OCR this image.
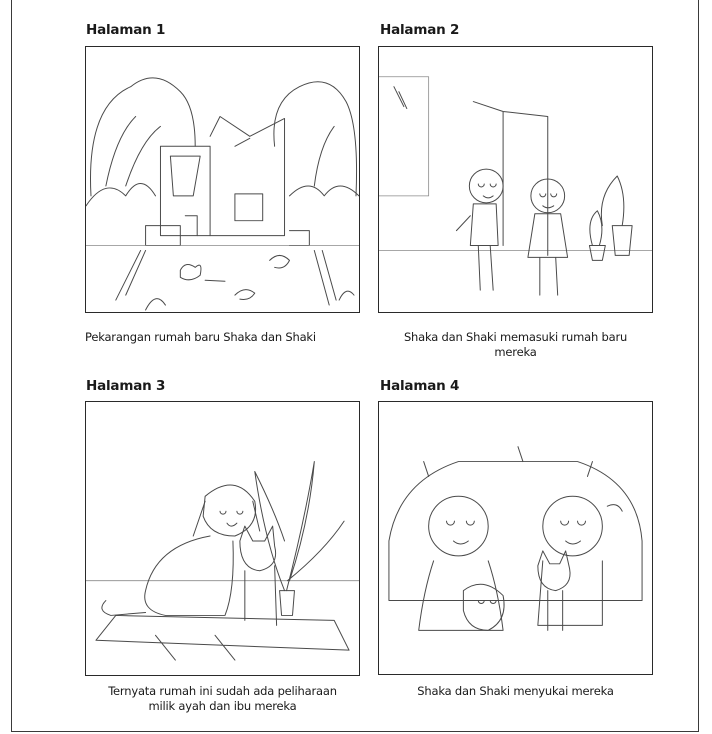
Halaman 1
Pekarangan rumah baru Shaka dan Shaki
Halaman 2
Shaka dan Shaki memasuki rumah baru
mereka
Halaman 3
Ternyata rumah ini sudah ada peliharaan
milik ayah dan ibu mereka
Halaman 4
Shaka dan Shaki menyukai mereka
